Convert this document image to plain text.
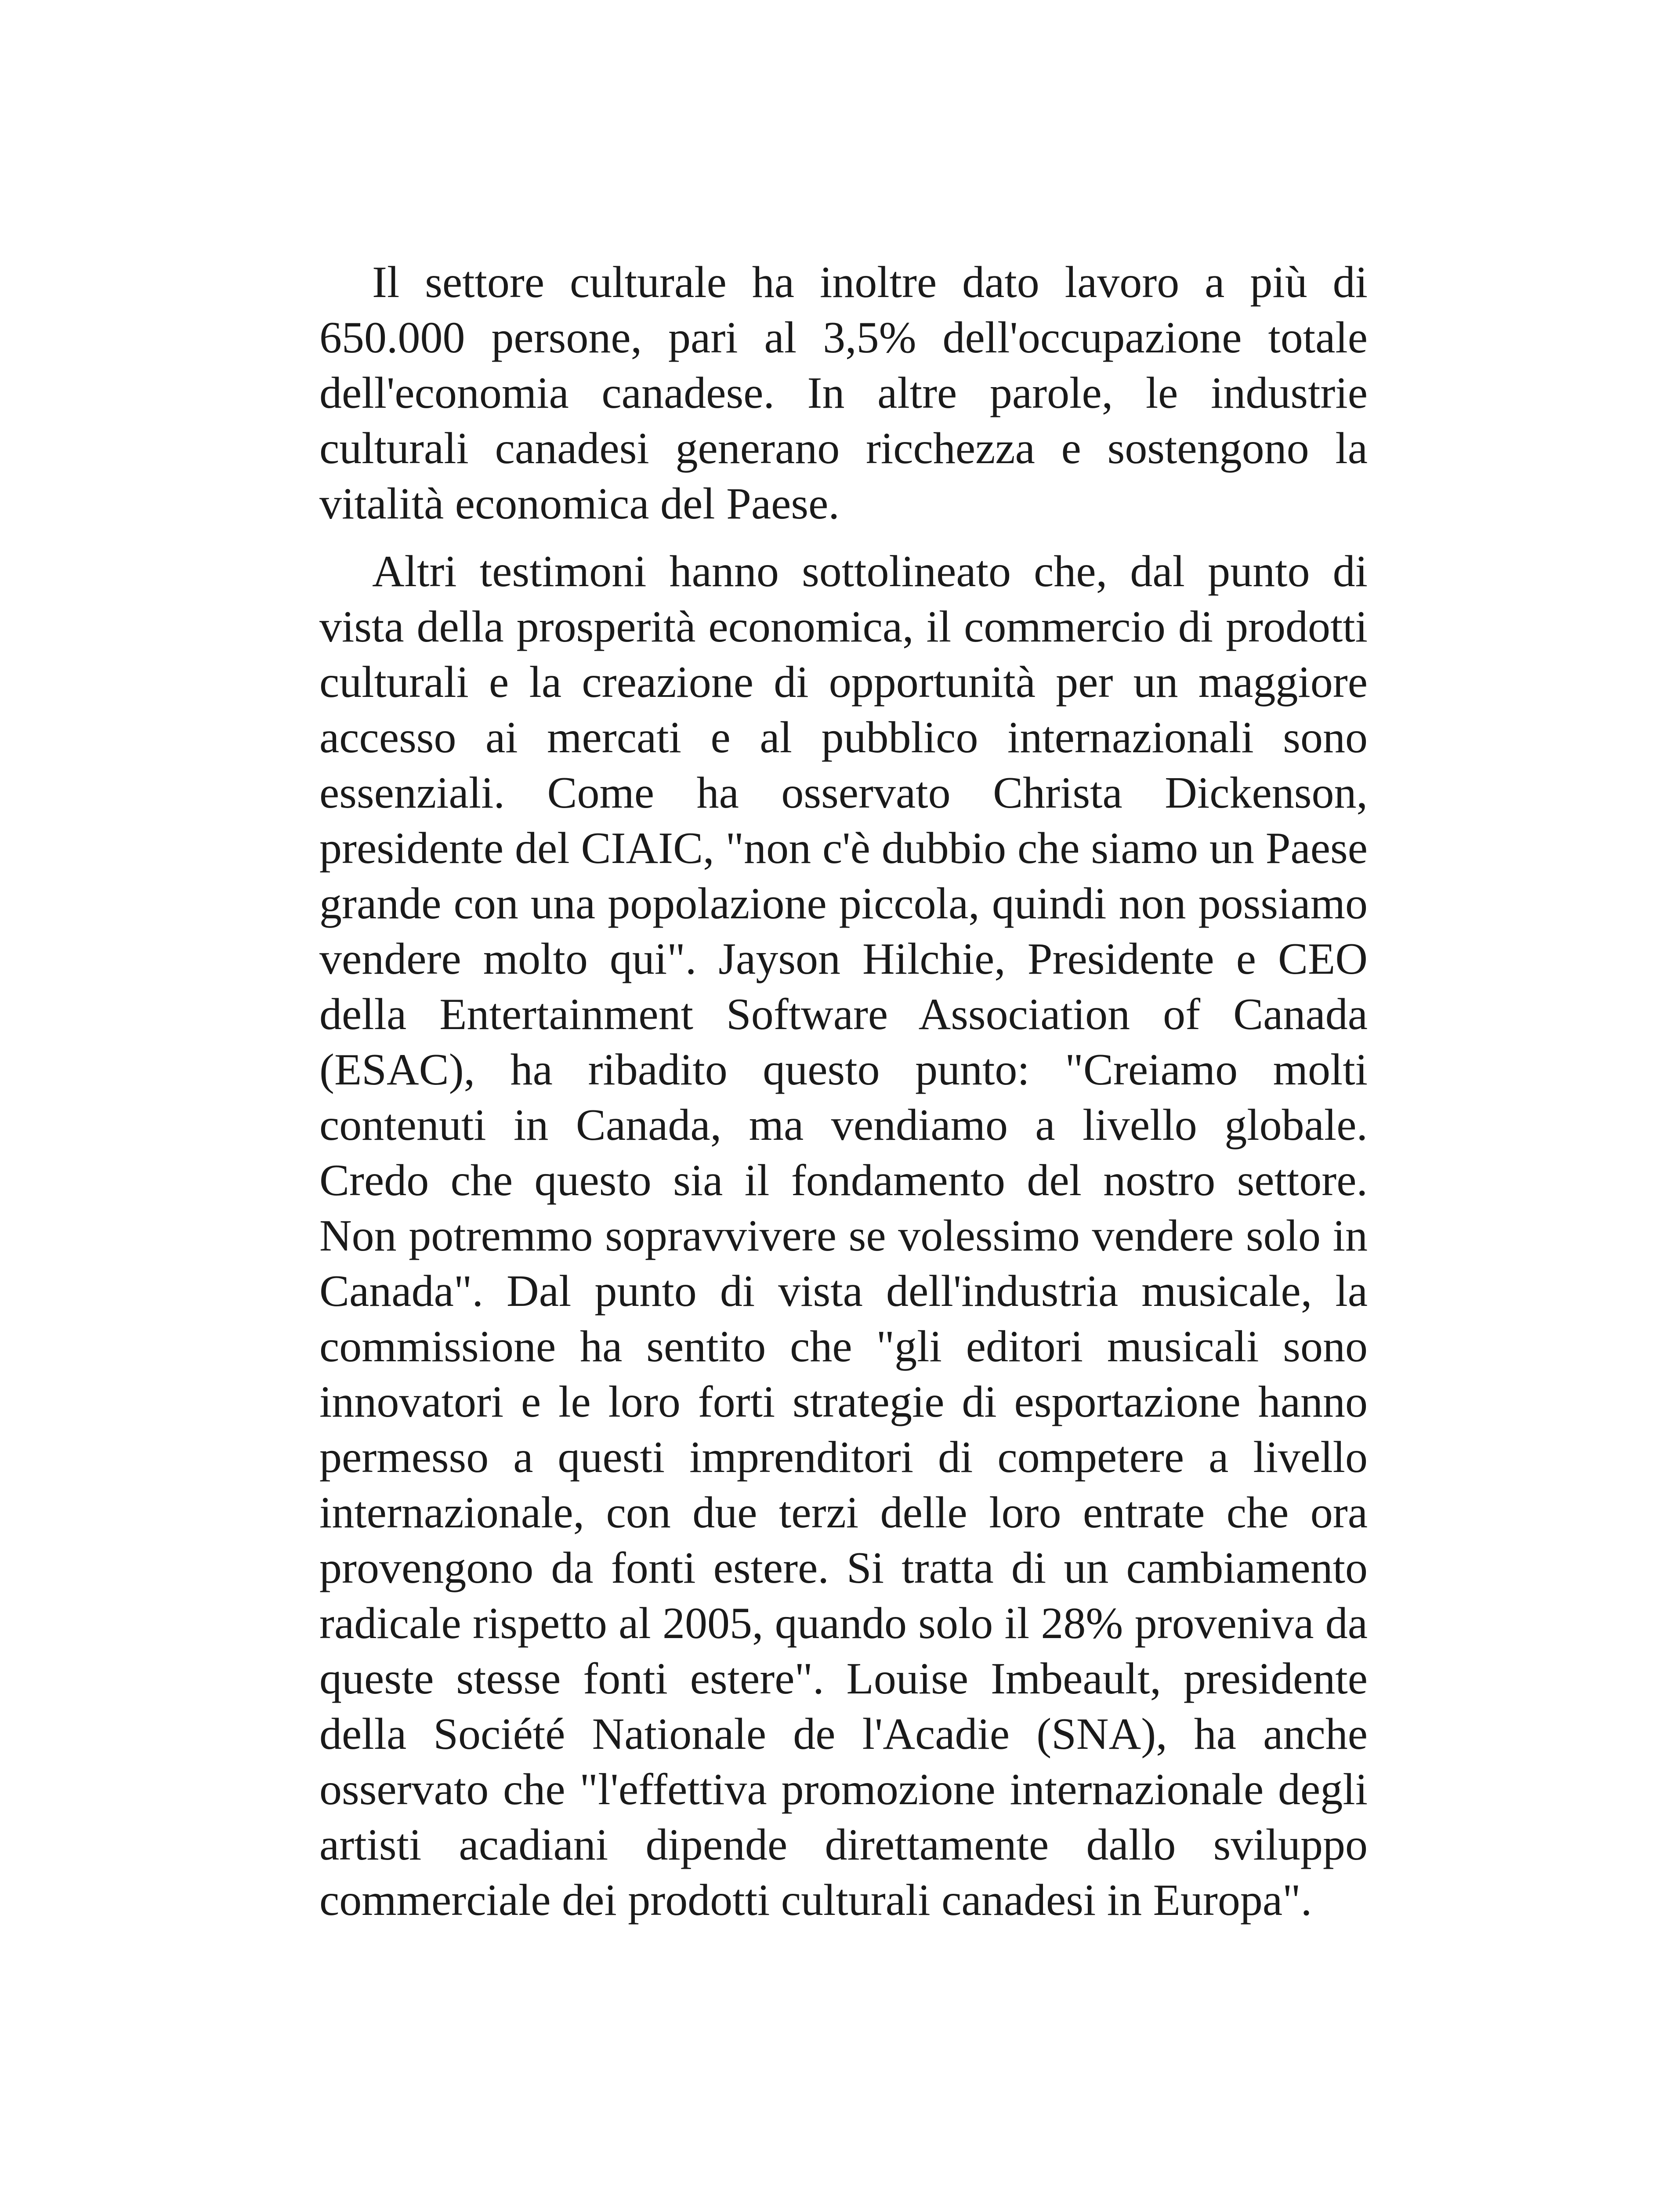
Il settore culturale ha inoltre dato lavoro a più di 650.000 persone, pari al 3,5% dell'occupazione totale dell'economia canadese. In altre parole, le industrie culturali canadesi generano ricchezza e sostengono la vitalità economica del Paese.

Altri testimoni hanno sottolineato che, dal punto di vista della prosperità economica, il commercio di prodotti culturali e la creazione di opportunità per un maggiore accesso ai mercati e al pubblico internazionali sono essenziali. Come ha osservato Christa Dickenson, presidente del CIAIC, "non c'è dubbio che siamo un Paese grande con una popolazione piccola, quindi non possiamo vendere molto qui". Jayson Hilchie, Presidente e CEO della Entertainment Software Association of Canada (ESAC), ha ribadito questo punto: "Creiamo molti contenuti in Canada, ma vendiamo a livello globale. Credo che questo sia il fondamento del nostro settore. Non potremmo sopravvivere se volessimo vendere solo in Canada". Dal punto di vista dell'industria musicale, la commissione ha sentito che "gli editori musicali sono innovatori e le loro forti strategie di esportazione hanno permesso a questi imprenditori di competere a livello internazionale, con due terzi delle loro entrate che ora provengono da fonti estere. Si tratta di un cambiamento radicale rispetto al 2005, quando solo il 28% proveniva da queste stesse fonti estere". Louise Imbeault, presidente della Société Nationale de l'Acadie (SNA), ha anche osservato che "l'effettiva promozione internazionale degli artisti acadiani dipende direttamente dallo sviluppo commerciale dei prodotti culturali canadesi in Europa".
